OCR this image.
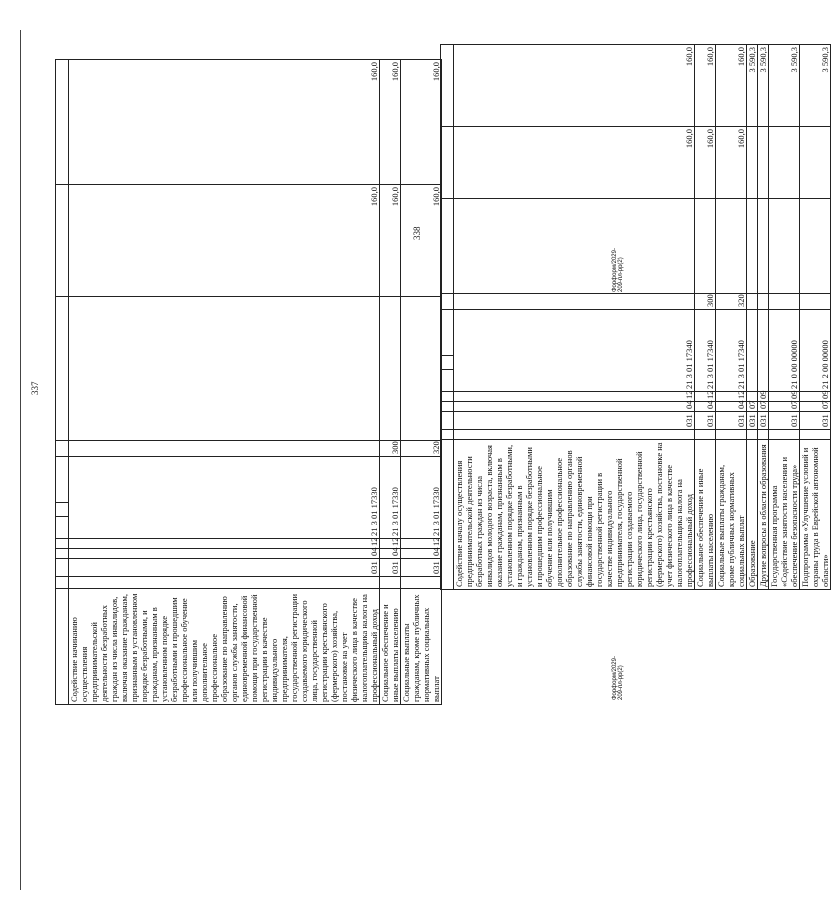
Содействие начинанию осуществления предпринимательской деятельности безработных граждан из числа инвалидов, включая оказание гражданам, признанным в установленном порядке безработными, и гражданам, признанным в установленном порядке безработными и прошедшим профессиональное обучение или получившим дополнительное профессиональное образование по направлению органов службы занятости, единовременной финансовой помощи при государственной регистрации в качестве индивидуального предпринимателя, государственной регистрации создаваемого юридического лица, государственной регистрации крестьянского (фермерского) хозяйства, постановке на учет физического лица в качестве налогоплательщика налога на профессиональный доход		031	04	12	21 3 01 17330					160,0	160,0
Социальное обеспечение и иные выплаты населению		031	04	12	21 3 01 17330			300		160,0	160,0
Социальные выплаты гражданам, кроме публичных нормативных социальных выплат		031	04	12	21 3 01 17330			320		160,0	160,0
337
Форформ/2029-209-пл-рр(2)

Содействие началу осуществления предпринимательской деятельности безработных граждан из числа инвалидов молодого возраста, включая оказание гражданам, признанным в установленном порядке безработными, и гражданам, признанным в установленном порядке безработными и прошедшим профессиональное обучение или получившим дополнительное профессиональное образование по направлению органов службы занятости, единовременной финансовой помощи при государственной регистрации в качестве индивидуального предпринимателя, государственной регистрации создаваемого юридического лица, государственной регистрации крестьянского (фермерского) хозяйства, постановке на учет физического лица в качестве налогоплательщика налога на профессиональный доход		031	04	12	21 3 01 17340					160,0	160,0
Социальное обеспечение и иные выплаты населению		031	04	12	21 3 01 17340			300		160,0	160,0
Социальные выплаты гражданам, кроме публичных нормативных социальных выплат		031	04	12	21 3 01 17340			320		160,0	160,0
Образование		031	07								3 590,3
Другие вопросы в области образования		031	07	09							3 590,3
Государственная программа «Содействие занятости населения и обеспечение безопасности труда»		031	07	09	21 0 00 00000						3 590,3
Подпрограмма «Улучшение условий и охраны труда в Еврейской автономной области»		031	07	09	21 2 00 00000						3 590,3
338
Форформ/2029-209-пл-рр(2)
